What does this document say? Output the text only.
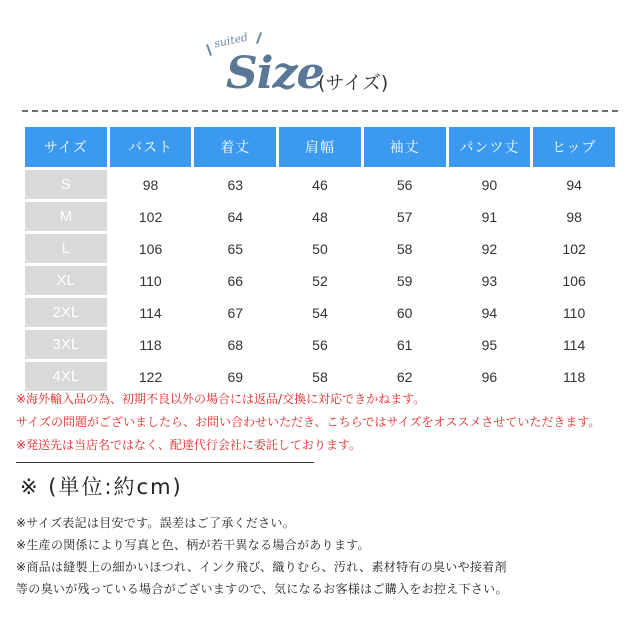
suited
Size
(サイズ)
サイズ	バスト	着丈	肩幅	袖丈	パンツ丈	ヒップ
S	98	63	46	56	90	94
M	102	64	48	57	91	98
L	106	65	50	58	92	102
XL	110	66	52	59	93	106
2XL	114	67	54	60	94	110
3XL	118	68	56	61	95	114
4XL	122	69	58	62	96	118
※海外輸入品の為、初期不良以外の場合には返品/交換に対応できかねます。
サイズの問題がございましたら、お問い合わせいただき、こちらではサイズをオススメさせていただきます。
※発送先は当店名ではなく、配達代行会社に委託しております。
※ (単位:約cm)
※サイズ表記は目安です。誤差はご了承ください。
※生産の関係により写真と色、柄が若干異なる場合があります。
※商品は縫製上の細かいほつれ、インク飛び、織りむら、汚れ、素材特有の臭いや接着剤
等の臭いが残っている場合がございますので、気になるお客様はご購入をお控え下さい。
